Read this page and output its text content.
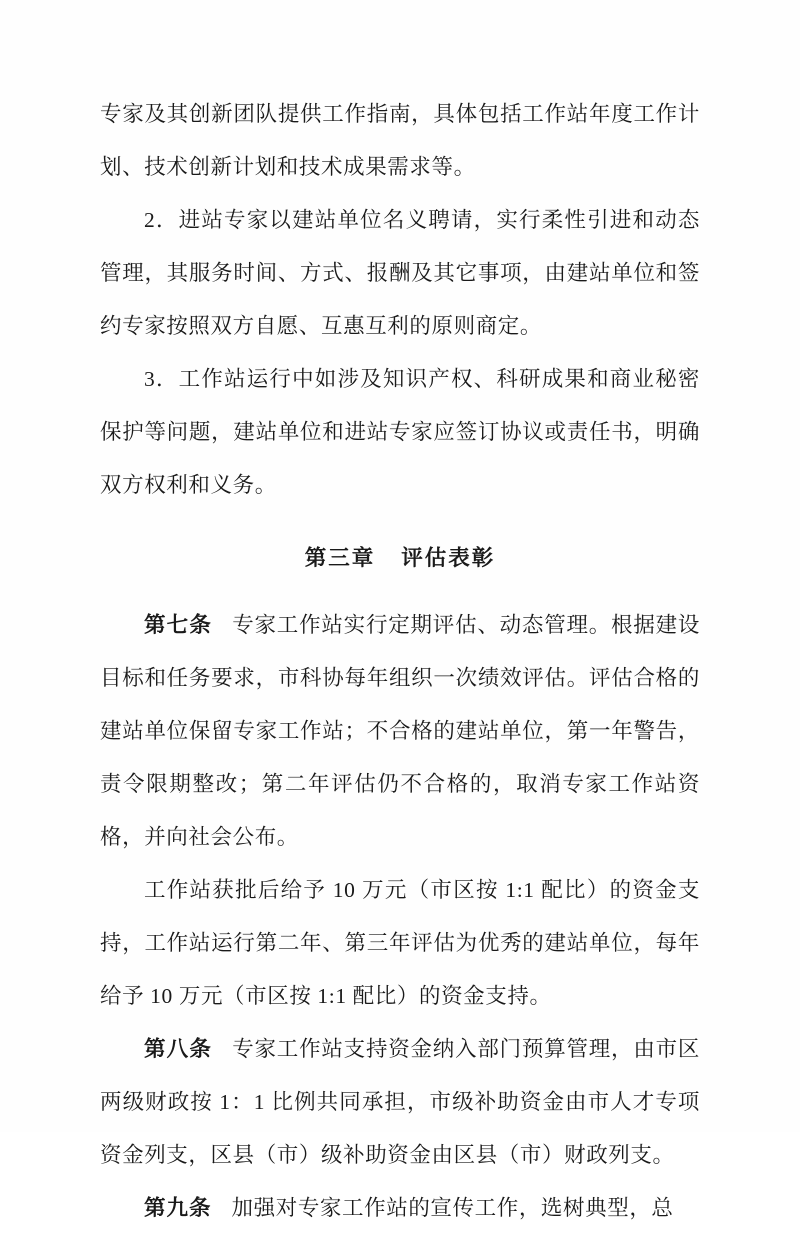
专家及其创新团队提供工作指南，具体包括工作站年度工作计划、技术创新计划和技术成果需求等。

2．进站专家以建站单位名义聘请，实行柔性引进和动态管理，其服务时间、方式、报酬及其它事项，由建站单位和签约专家按照双方自愿、互惠互利的原则商定。

3．工作站运行中如涉及知识产权、科研成果和商业秘密保护等问题，建站单位和进站专家应签订协议或责任书，明确双方权利和义务。

第三章 评估表彰

第七条 专家工作站实行定期评估、动态管理。根据建设目标和任务要求，市科协每年组织一次绩效评估。评估合格的建站单位保留专家工作站；不合格的建站单位，第一年警告，责令限期整改；第二年评估仍不合格的，取消专家工作站资格，并向社会公布。

工作站获批后给予 10 万元（市区按 1:1 配比）的资金支持，工作站运行第二年、第三年评估为优秀的建站单位，每年给予 10 万元（市区按 1:1 配比）的资金支持。

第八条 专家工作站支持资金纳入部门预算管理，由市区两级财政按 1：1 比例共同承担，市级补助资金由市人才专项资金列支，区县（市）级补助资金由区县（市）财政列支。

第九条 加强对专家工作站的宣传工作，选树典型，总
